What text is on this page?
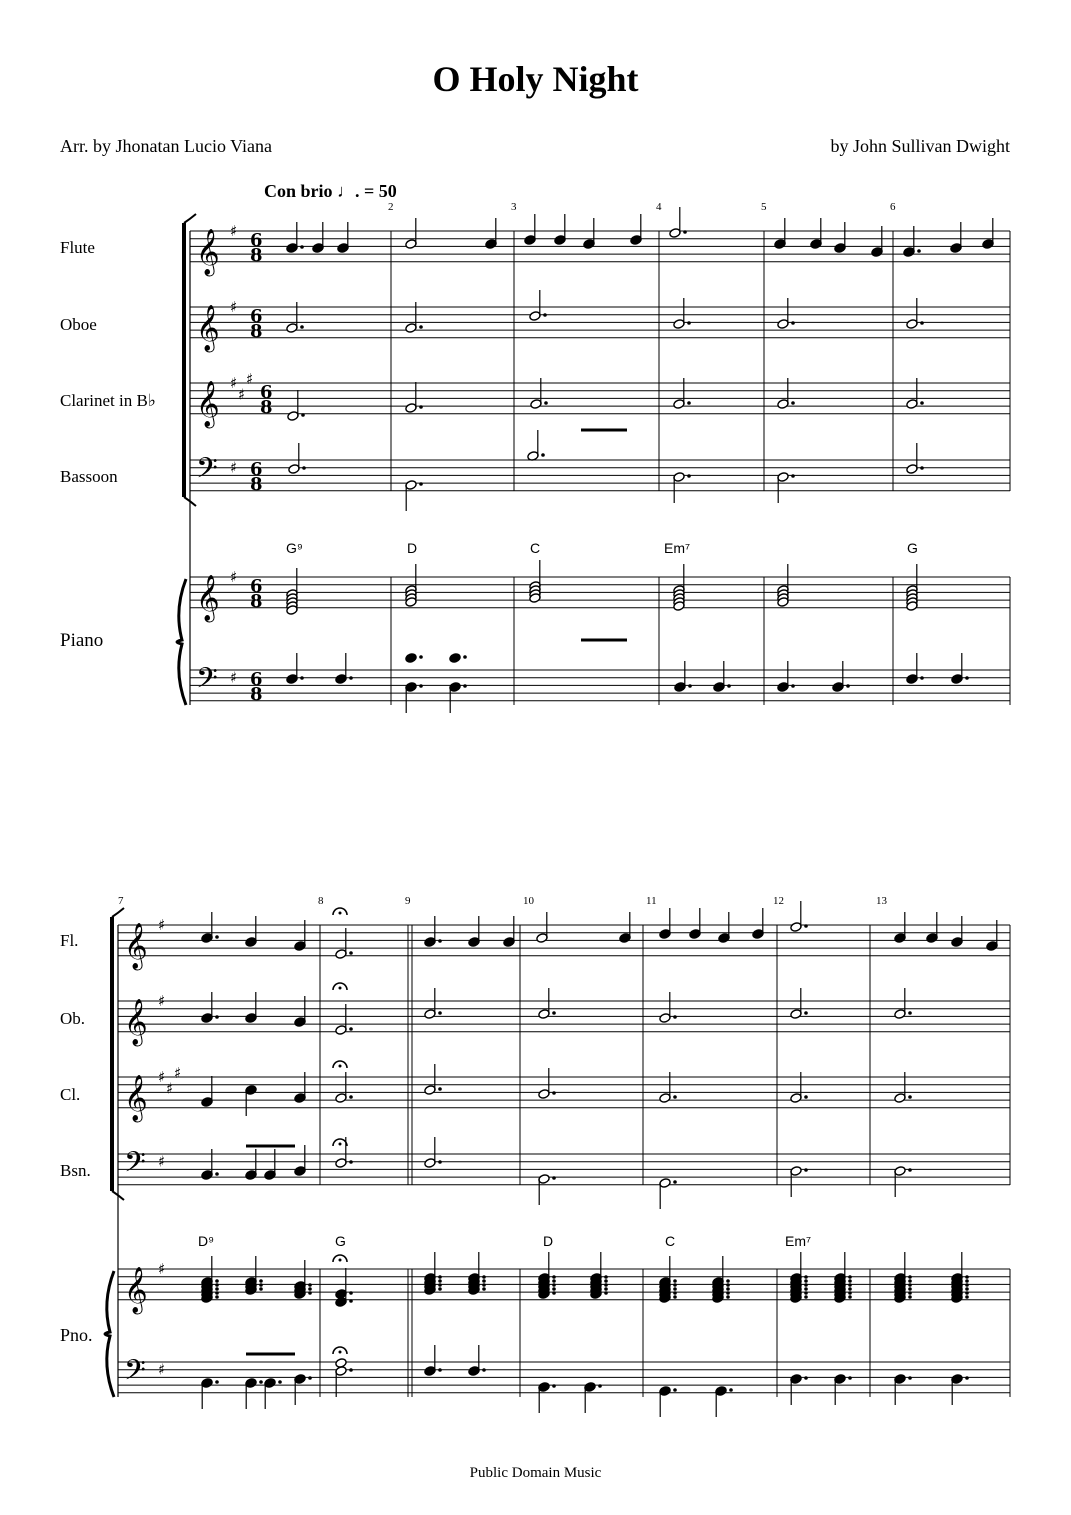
O Holy Night
Arr. by Jhonatan Lucio Viana	by John Sullivan Dwight
Con brio ♩. = 50
Flute
Oboe
Clarinet in B♭
Bassoon
Piano
2	3	4	5	6
G⁹	D	C	Em⁷	G
Fl.
Ob.
Cl.
Bsn.
Pno.
7	8	9	10	11	12	13
D⁹	G	D	C	Em⁷
Public Domain Music
𝄞
𝄞
𝄞
𝄢
𝄞
𝄢
♯
♯
♯
♯
♯
♯
♯
♯
6
8
6
8
6
8
6
8
6
8
6
8
𝄞
𝄞
𝄞
𝄢
𝄞
𝄢
♯
♯
♯
♯
♯
♯
♯
♯
